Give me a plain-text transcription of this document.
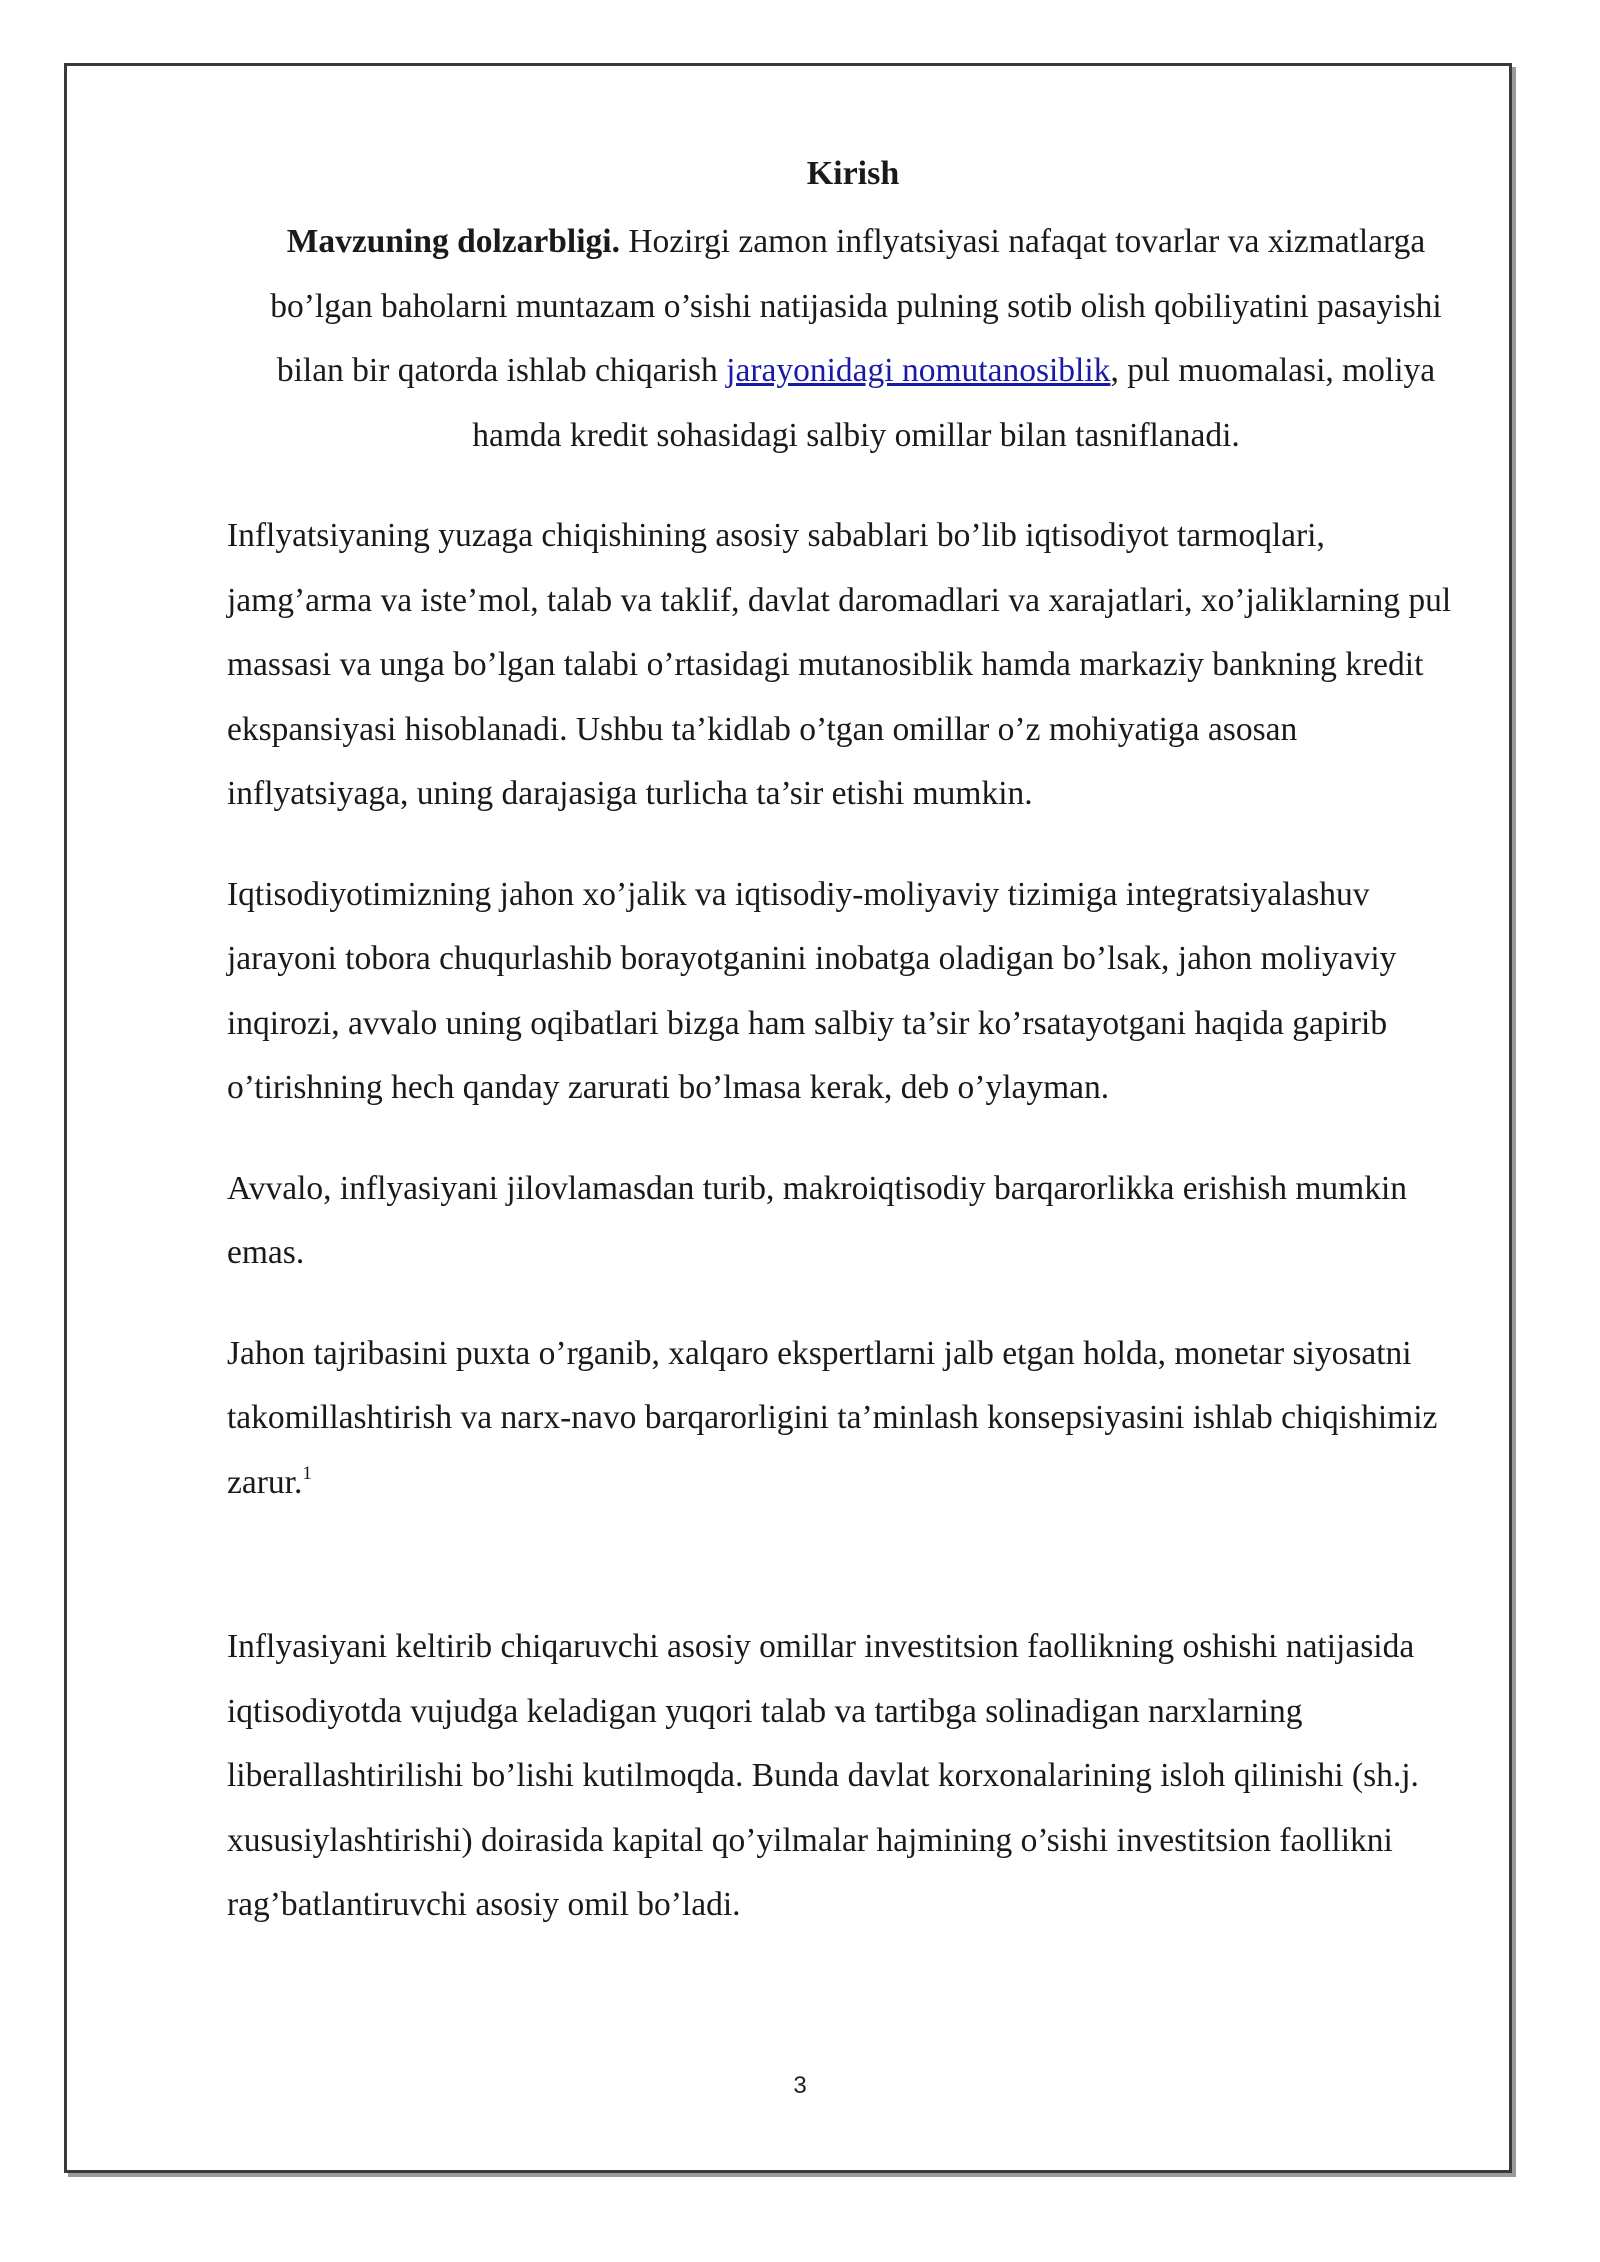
Kirish

Mavzuning dolzarbligi. Hozirgi zamon inflyatsiyasi nafaqat tovarlar va xizmatlarga bo’lgan baholarni muntazam o’sishi natijasida pulning sotib olish qobiliyatini pasayishi bilan bir qatorda ishlab chiqarish jarayonidagi nomutanosiblik, pul muomalasi, moliya hamda kredit sohasidagi salbiy omillar bilan tasniflanadi.

Inflyatsiyaning yuzaga chiqishining asosiy sabablari bo’lib iqtisodiyot tarmoqlari, jamg’arma va iste’mol, talab va taklif, davlat daromadlari va xarajatlari, xo’jaliklarning pul massasi va unga bo’lgan talabi o’rtasidagi mutanosiblik hamda markaziy bankning kredit ekspansiyasi hisoblanadi. Ushbu ta’kidlab o’tgan omillar o’z mohiyatiga asosan inflyatsiyaga, uning darajasiga turlicha ta’sir etishi mumkin.

Iqtisodiyotimizning jahon xo’jalik va iqtisodiy-moliyaviy tizimiga integratsiyalashuv jarayoni tobora chuqurlashib borayotganini inobatga oladigan bo’lsak, jahon moliyaviy inqirozi, avvalo uning oqibatlari bizga ham salbiy ta’sir ko’rsatayotgani haqida gapirib o’tirishning hech qanday zarurati bo’lmasa kerak, deb o’ylayman.

Avvalo, inflyasiyani jilovlamasdan turib, makroiqtisodiy barqarorlikka erishish mumkin emas.

Jahon tajribasini puxta o’rganib, xalqaro ekspertlarni jalb etgan holda, monetar siyosatni takomillashtirish va narx-navo barqarorligini ta’minlash konsepsiyasini ishlab chiqishimiz zarur.$^1$

Inflyasiyani keltirib chiqaruvchi asosiy omillar investitsion faollikning oshishi natijasida iqtisodiyotda vujudga keladigan yuqori talab va tartibga solinadigan narxlarning liberallashtirilishi bo’lishi kutilmoqda. Bunda davlat korxonalarining isloh qilinishi (sh.j. xususiylashtirishi) doirasida kapital qo’yilmalar hajmining o’sishi investitsion faollikni rag’batlantiruvchi asosiy omil bo’ladi.

3
